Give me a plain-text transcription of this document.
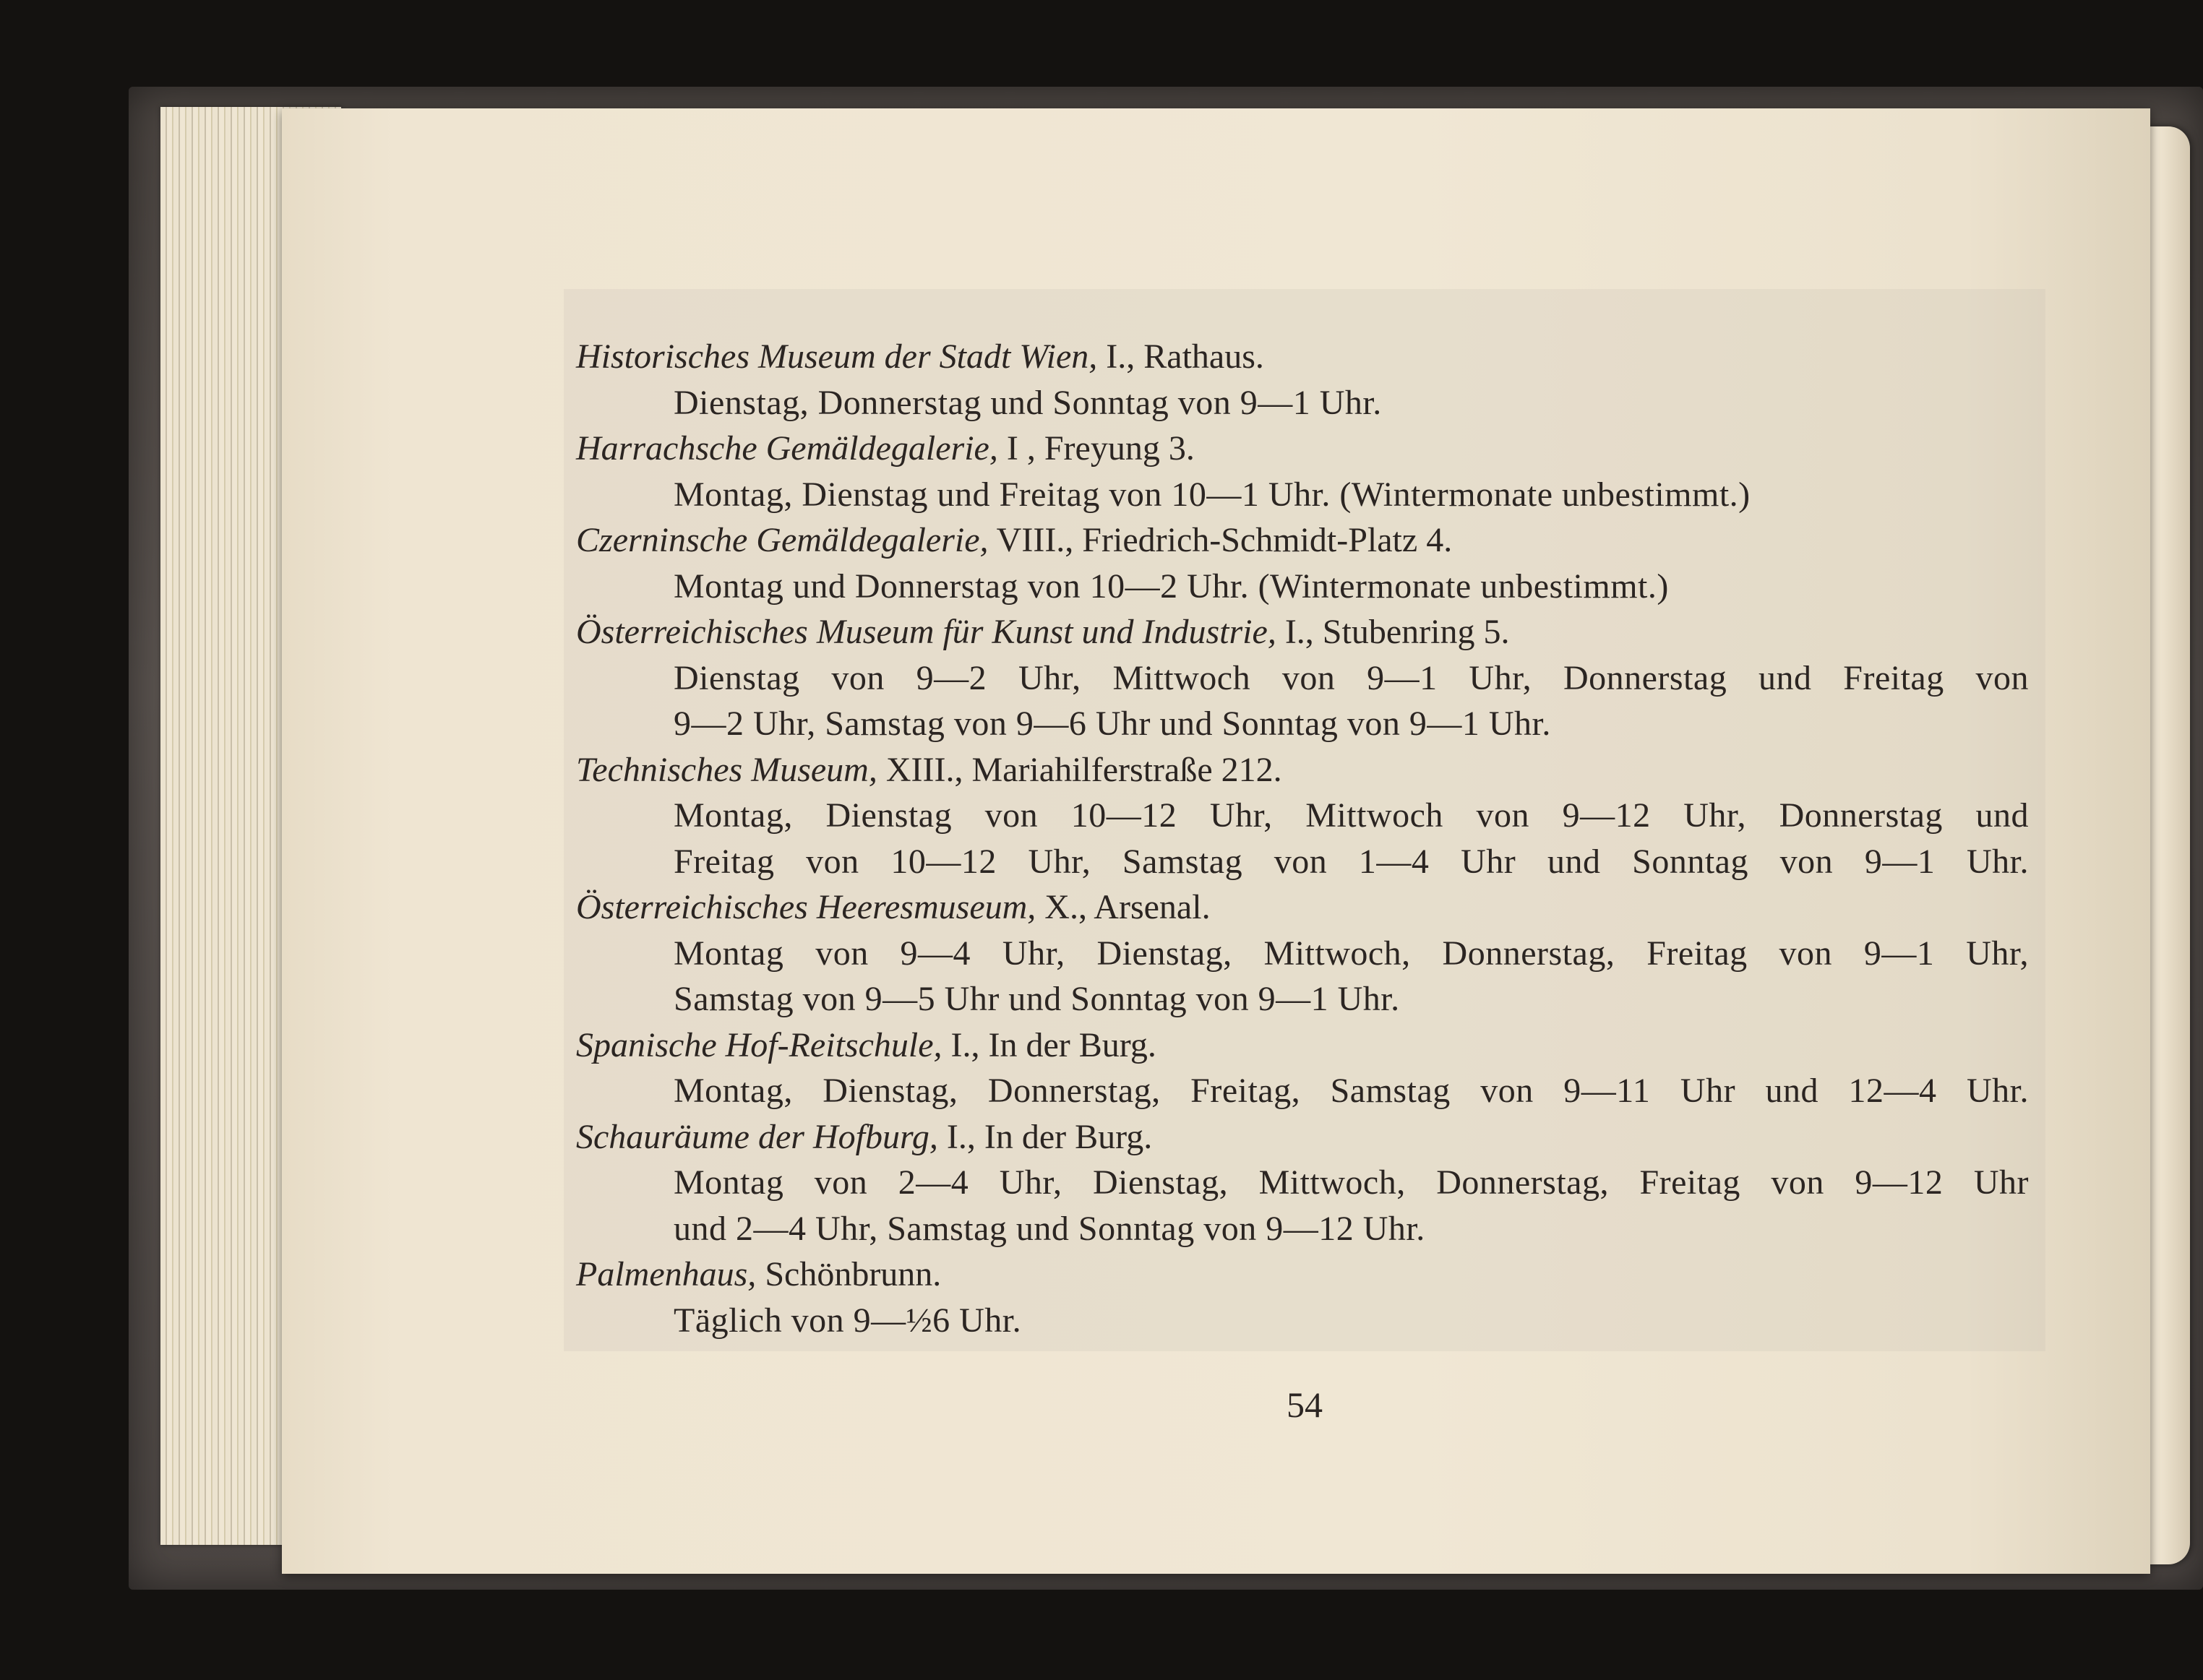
Historisches Museum der Stadt Wien, I., Rathaus.
Dienstag, Donnerstag und Sonntag von 9—1 Uhr.
Harrachsche Gemäldegalerie, I , Freyung 3.
Montag, Dienstag und Freitag von 10—1 Uhr. (Wintermonate unbestimmt.)
Czerninsche Gemäldegalerie, VIII., Friedrich-Schmidt-Platz 4.
Montag und Donnerstag von 10—2 Uhr. (Wintermonate unbestimmt.)
Österreichisches Museum für Kunst und Industrie, I., Stubenring 5.
Dienstag von 9—2 Uhr, Mittwoch von 9—1 Uhr, Donnerstag und Freitag von
9—2 Uhr, Samstag von 9—6 Uhr und Sonntag von 9—1 Uhr.
Technisches Museum, XIII., Mariahilferstraße 212.
Montag, Dienstag von 10—12 Uhr, Mittwoch von 9—12 Uhr, Donnerstag und
Freitag von 10—12 Uhr, Samstag von 1—4 Uhr und Sonntag von 9—1 Uhr.
Österreichisches Heeresmuseum, X., Arsenal.
Montag von 9—4 Uhr, Dienstag, Mittwoch, Donnerstag, Freitag von 9—1 Uhr,
Samstag von 9—5 Uhr und Sonntag von 9—1 Uhr.
Spanische Hof-Reitschule, I., In der Burg.
Montag, Dienstag, Donnerstag, Freitag, Samstag von 9—11 Uhr und 12—4 Uhr.
Schauräume der Hofburg, I., In der Burg.
Montag von 2—4 Uhr, Dienstag, Mittwoch, Donnerstag, Freitag von 9—12 Uhr
und 2—4 Uhr, Samstag und Sonntag von 9—12 Uhr.
Palmenhaus, Schönbrunn.
Täglich von 9—½6 Uhr.
54
